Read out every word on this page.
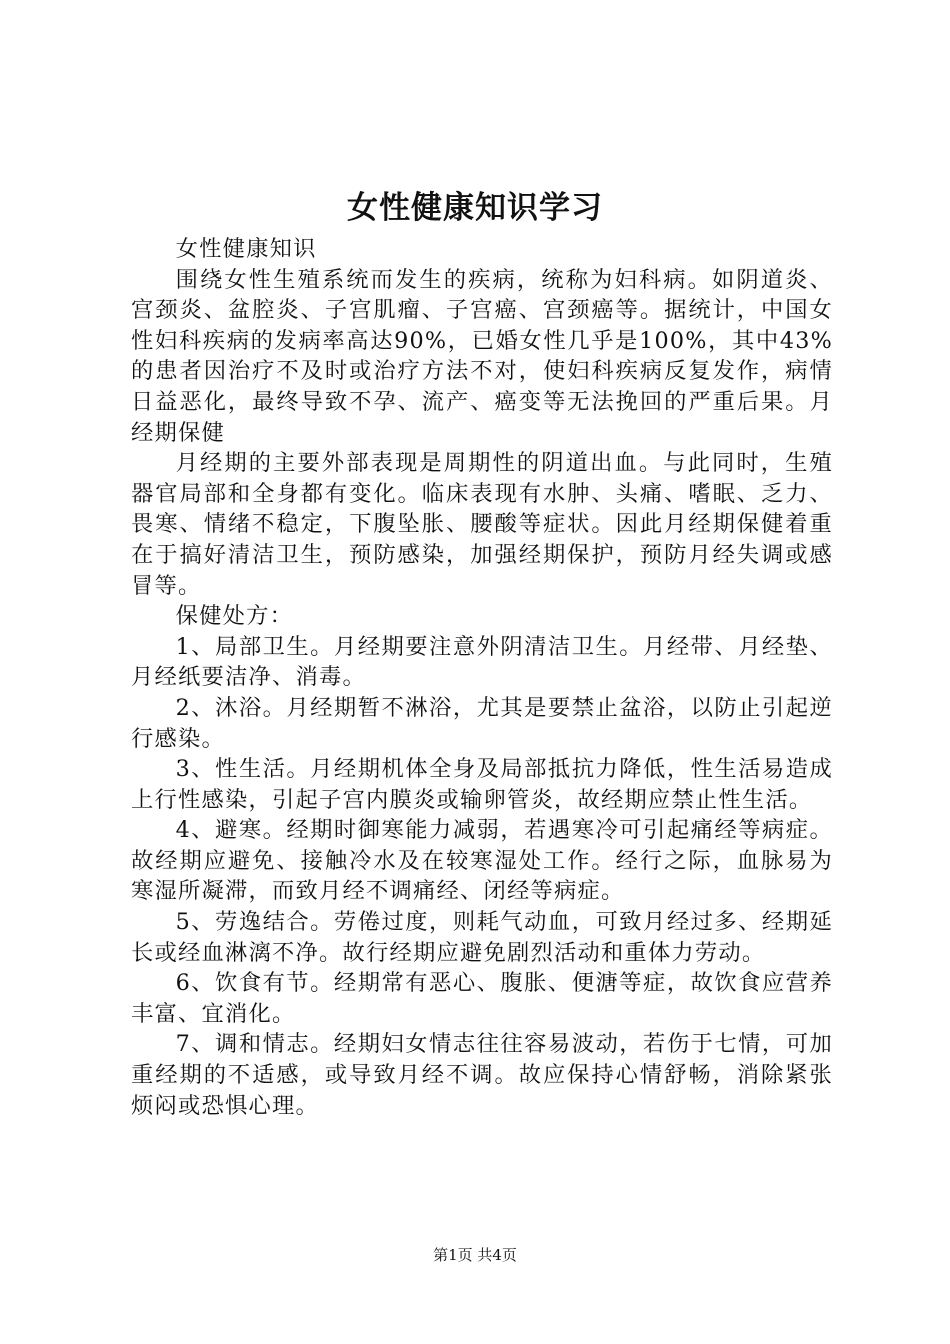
女性健康知识学习

女性健康知识

围绕女性生殖系统而发生的疾病，统称为妇科病。如阴道炎、宫颈炎、盆腔炎、子宫肌瘤、子宫癌、宫颈癌等。据统计，中国女性妇科疾病的发病率高达90%，已婚女性几乎是100%，其中43%的患者因治疗不及时或治疗方法不对，使妇科疾病反复发作，病情日益恶化，最终导致不孕、流产、癌变等无法挽回的严重后果。月经期保健

月经期的主要外部表现是周期性的阴道出血。与此同时，生殖器官局部和全身都有变化。临床表现有水肿、头痛、嗜眠、乏力、畏寒、情绪不稳定，下腹坠胀、腰酸等症状。因此月经期保健着重在于搞好清洁卫生，预防感染，加强经期保护，预防月经失调或感冒等。

保健处方：

1、局部卫生。月经期要注意外阴清洁卫生。月经带、月经垫、月经纸要洁净、消毒。

2、沐浴。月经期暂不淋浴，尤其是要禁止盆浴，以防止引起逆行感染。

3、性生活。月经期机体全身及局部抵抗力降低，性生活易造成上行性感染，引起子宫内膜炎或输卵管炎，故经期应禁止性生活。

4、避寒。经期时御寒能力减弱，若遇寒冷可引起痛经等病症。故经期应避免、接触冷水及在较寒湿处工作。经行之际，血脉易为寒湿所凝滞，而致月经不调痛经、闭经等病症。

5、劳逸结合。劳倦过度，则耗气动血，可致月经过多、经期延长或经血淋漓不净。故行经期应避免剧烈活动和重体力劳动。

6、饮食有节。经期常有恶心、腹胀、便溏等症，故饮食应营养丰富、宜消化。

7、调和情志。经期妇女情志往往容易波动，若伤于七情，可加重经期的不适感，或导致月经不调。故应保持心情舒畅，消除紧张烦闷或恐惧心理。

第1页 共4页
